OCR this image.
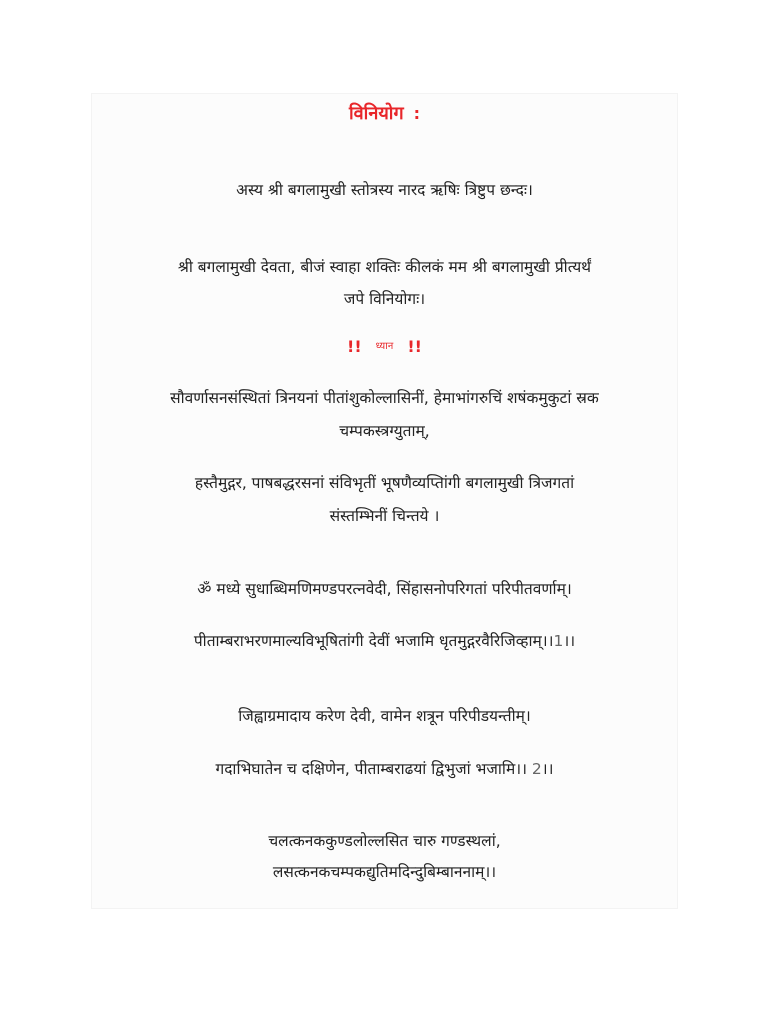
विनियोग :
अस्य श्री बगलामुखी स्तोत्रस्य नारद ऋषिः त्रिष्टुप छन्दः।
श्री बगलामुखी देवता, बीजं स्वाहा शक्तिः कीलकं मम श्री बगलामुखी प्रीत्यर्थं
जपे विनियोगः।
!! ध्यान !!
सौवर्णासनसंस्थितां त्रिनयनां पीतांशुकोल्लासिनीं, हेमाभांगरुचिं शषंकमुकुटां स्रक
चम्पकस्त्रग्युताम्,
हस्तैमुद्गर, पाषबद्धरसनां संविभृतीं भूषणैव्यप्तिांगी बगलामुखी त्रिजगतां
संस्तम्भिनीं चिन्तये ।
ॐ मध्ये सुधाब्धिमणिमण्डपरत्नवेदी, सिंहासनोपरिगतां परिपीतवर्णाम्।
पीताम्बराभरणमाल्यविभूषितांगी देवीं भजामि धृतमुद्गरवैरिजिव्हाम्।।1।।
जिह्वाग्रमादाय करेण देवी, वामेन शत्रून परिपीडयन्तीम्।
गदाभिघातेन च दक्षिणेन, पीताम्बराढयां द्विभुजां भजामि।। 2।।
चलत्कनककुण्डलोल्लसित चारु गण्डस्थलां,
लसत्कनकचम्पकद्युतिमदिन्दुबिम्बाननाम्।।
